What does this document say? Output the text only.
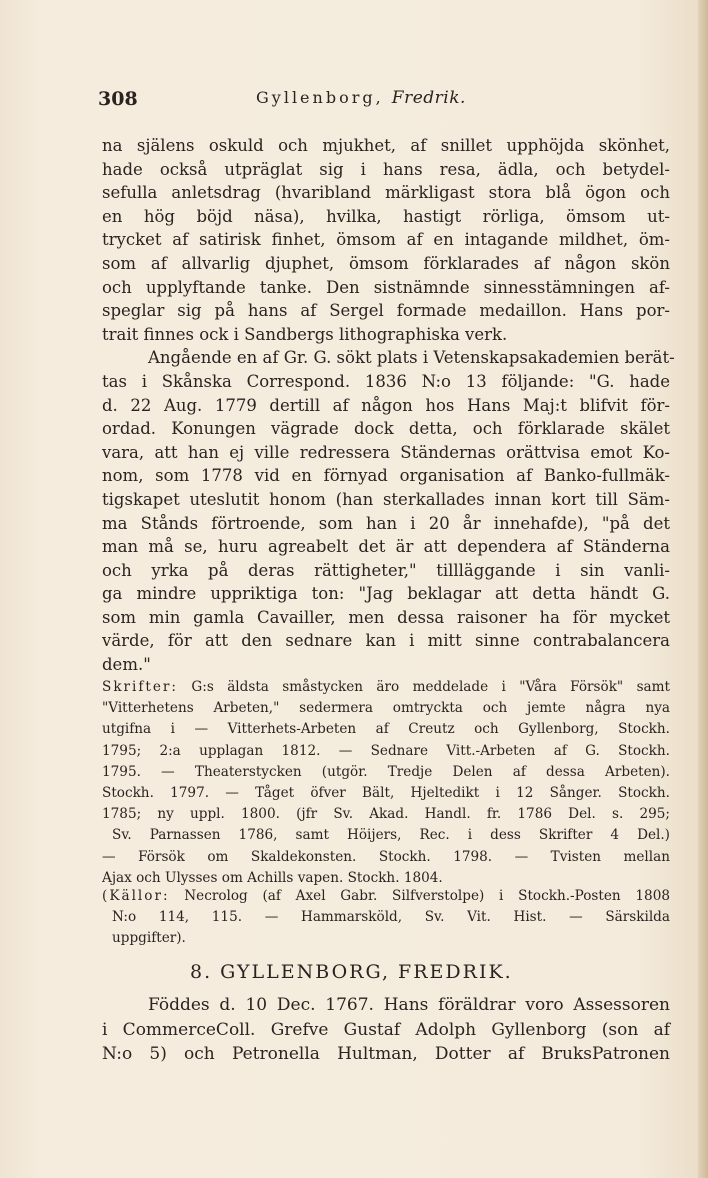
308	Gyllenborg, Fredrik.
na själens oskuld och mjukhet, af snillet upphöjda skönhet,
hade också utpräglat sig i hans resa, ädla, och betydel-
sefulla anletsdrag (hvaribland märkligast stora blå ögon och
en hög böjd näsa), hvilka, hastigt rörliga, ömsom ut-
trycket af satirisk finhet, ömsom af en intagande mildhet, öm-
som af allvarlig djuphet, ömsom förklarades af någon skön
och upplyftande tanke. Den sistnämnde sinnesstämningen af-
speglar sig på hans af Sergel formade medaillon. Hans por-
trait finnes ock i Sandbergs lithographiska verk.
Angående en af Gr. G. sökt plats i Vetenskapsakademien berät-
tas i Skånska Correspond. 1836 N:o 13 följande: "G. hade
d. 22 Aug. 1779 dertill af någon hos Hans Maj:t blifvit för-
ordad. Konungen vägrade dock detta, och förklarade skälet
vara, att han ej ville redressera Ständernas orättvisa emot Ko-
nom, som 1778 vid en förnyad organisation af Banko-fullmäk-
tigskapet uteslutit honom (han sterkallades innan kort till Säm-
ma Stånds förtroende, som han i 20 år innehafde), "på det
man må se, huru agreabelt det är att dependera af Ständerna
och yrka på deras rättigheter," tillläggande i sin vanli-
ga mindre uppriktiga ton: "Jag beklagar att detta händt G.
som min gamla Cavailler, men dessa raisoner ha för mycket
värde, för att den sednare kan i mitt sinne contrabalancera
dem."
Skrifter: G:s äldsta småstycken äro meddelade i "Våra Försök" samt
"Vitterhetens Arbeten," sedermera omtryckta och jemte några nya
utgifna i — Vitterhets-Arbeten af Creutz och Gyllenborg, Stockh.
1795; 2:a upplagan 1812. — Sednare Vitt.-Arbeten af G. Stockh.
1795. — Theaterstycken (utgör. Tredje Delen af dessa Arbeten).
Stockh. 1797. — Tåget öfver Bält, Hjeltedikt i 12 Sånger. Stockh.
1785; ny uppl. 1800. (jfr Sv. Akad. Handl. fr. 1786 Del. s. 295;
Sv. Parnassen 1786, samt Höijers, Rec. i dess Skrifter 4 Del.)
— Försök om Skaldekonsten. Stockh. 1798. — Tvisten mellan
Ajax och Ulysses om Achills vapen. Stockh. 1804.
(Källor: Necrolog (af Axel Gabr. Silfverstolpe) i Stockh.-Posten 1808
N:o 114, 115. — Hammarsköld, Sv. Vit. Hist. — Särskilda
uppgifter).
8. GYLLENBORG, FREDRIK.
Föddes d. 10 Dec. 1767. Hans föräldrar voro Assessoren
i CommerceColl. Grefve Gustaf Adolph Gyllenborg (son af
N:o 5) och Petronella Hultman, Dotter af BruksPatronen
